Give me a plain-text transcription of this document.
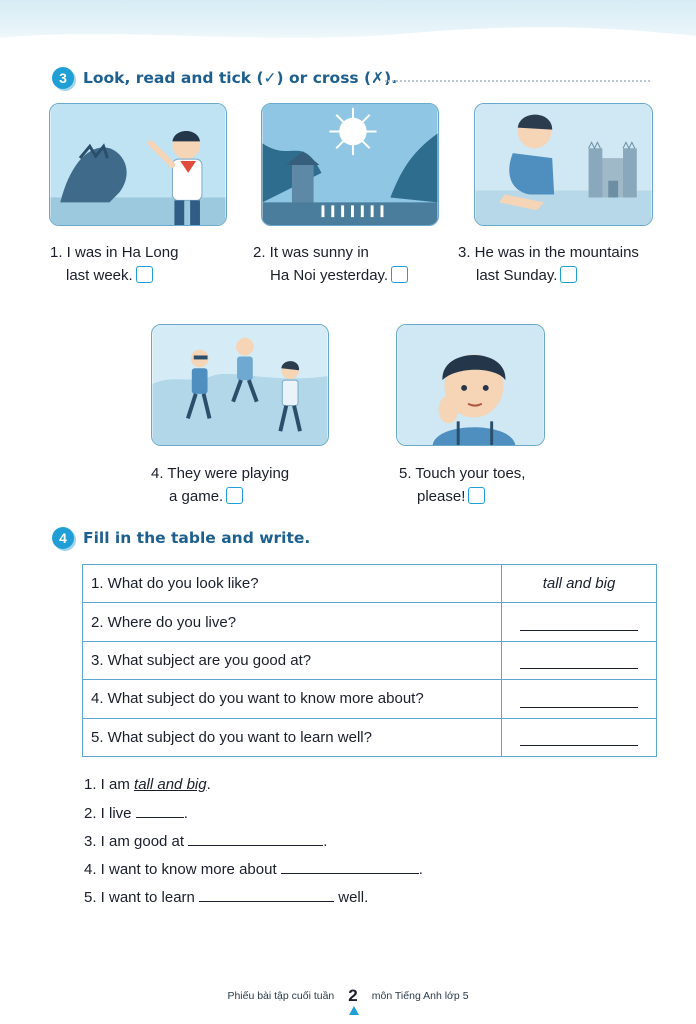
3	Look, read and tick (✓) or cross (✗).
1. I was in Ha Long
last week.
2. It was sunny in
Ha Noi yesterday.
3. He was in the mountains
last Sunday.
4. They were playing
a game.
5. Touch your toes,
please!
4	Fill in the table and write.
1. What do you look like?	tall and big
2. Where do you live?	

3. What subject are you good at?	

4. What subject do you want to know more about?	

5. What subject do you want to learn well?	
1. I am tall and big.
2. I live	.
3. I am good at	.
4. I want to know more about	.
5. I want to learn	well.
Phiếu bài tập cuối tuần 2 môn Tiếng Anh lớp 5
